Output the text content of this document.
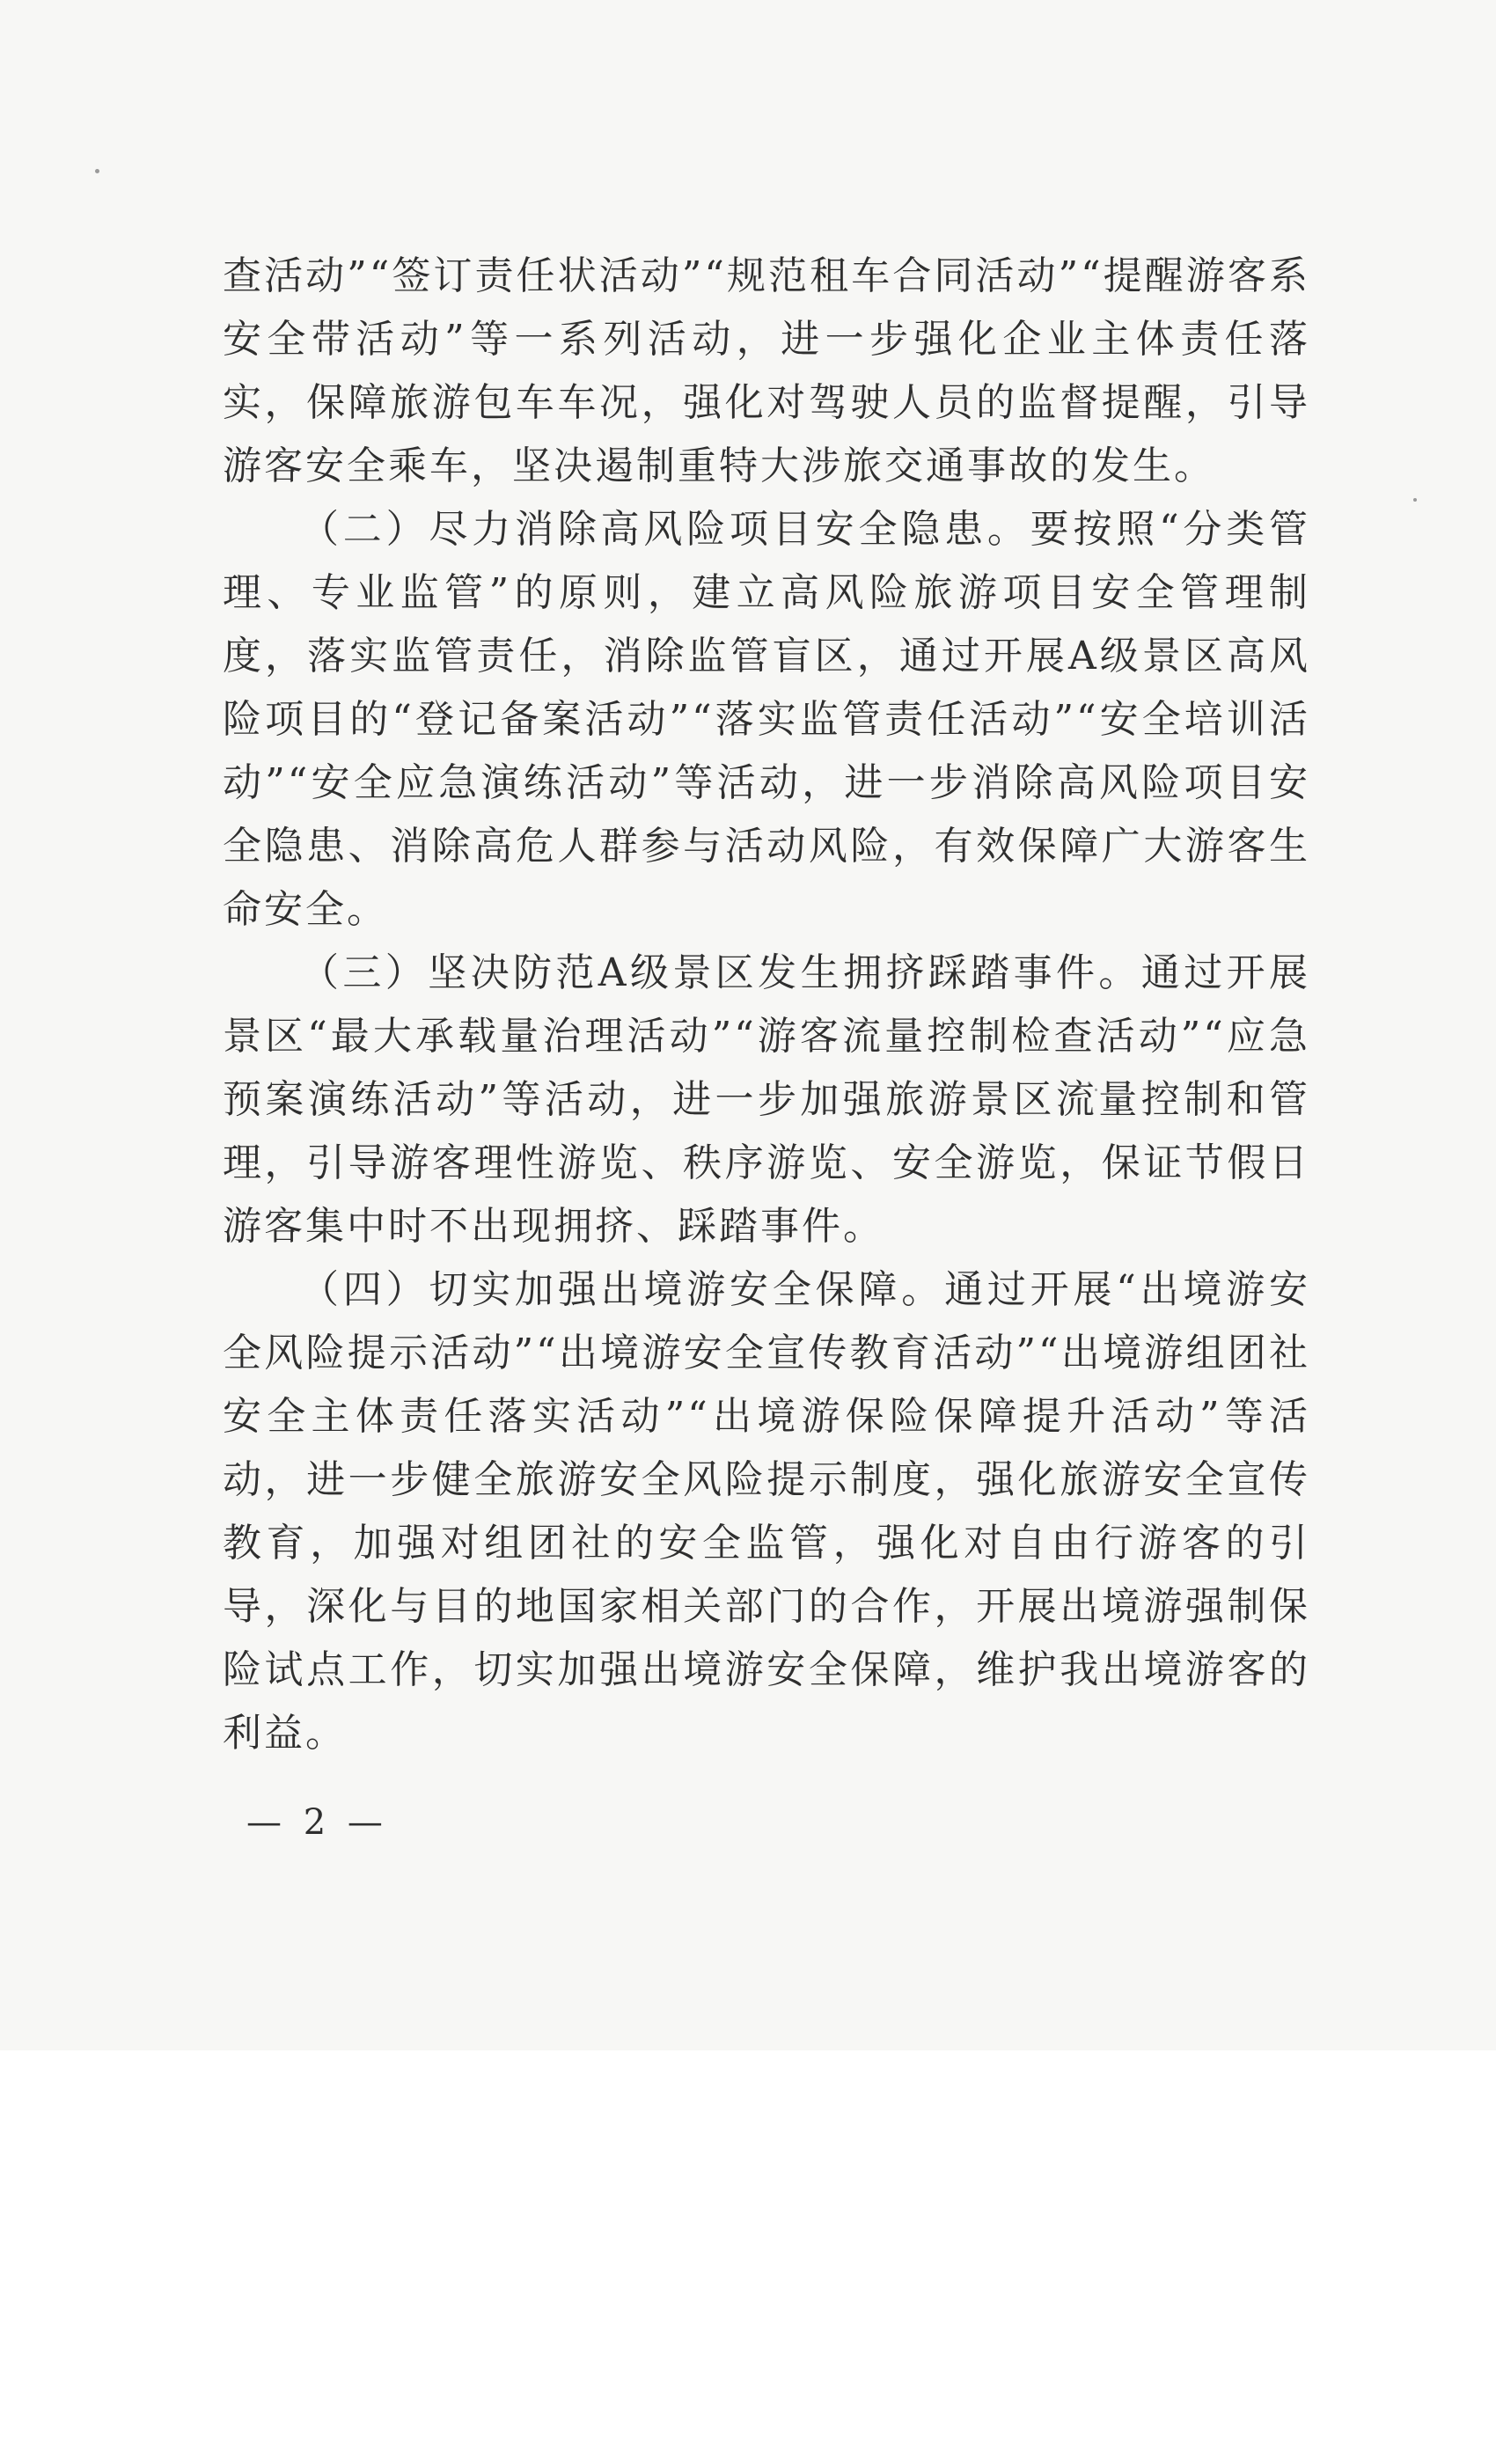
查活动”“签订责任状活动”“规范租车合同活动”“提醒游客系安全带活动”等一系列活动，进一步强化企业主体责任落实，保障旅游包车车况，强化对驾驶人员的监督提醒，引导游客安全乘车，坚决遏制重特大涉旅交通事故的发生。

（二）尽力消除高风险项目安全隐患。要按照“分类管理、专业监管”的原则，建立高风险旅游项目安全管理制度，落实监管责任，消除监管盲区，通过开展A级景区高风险项目的“登记备案活动”“落实监管责任活动”“安全培训活动”“安全应急演练活动”等活动，进一步消除高风险项目安全隐患、消除高危人群参与活动风险，有效保障广大游客生命安全。

（三）坚决防范A级景区发生拥挤踩踏事件。通过开展景区“最大承载量治理活动”“游客流量控制检查活动”“应急预案演练活动”等活动，进一步加强旅游景区流量控制和管理，引导游客理性游览、秩序游览、安全游览，保证节假日游客集中时不出现拥挤、踩踏事件。

（四）切实加强出境游安全保障。通过开展“出境游安全风险提示活动”“出境游安全宣传教育活动”“出境游组团社安全主体责任落实活动”“出境游保险保障提升活动”等活动，进一步健全旅游安全风险提示制度，强化旅游安全宣传教育，加强对组团社的安全监管，强化对自由行游客的引导，深化与目的地国家相关部门的合作，开展出境游强制保险试点工作，切实加强出境游安全保障，维护我出境游客的利益。

— 2 —
